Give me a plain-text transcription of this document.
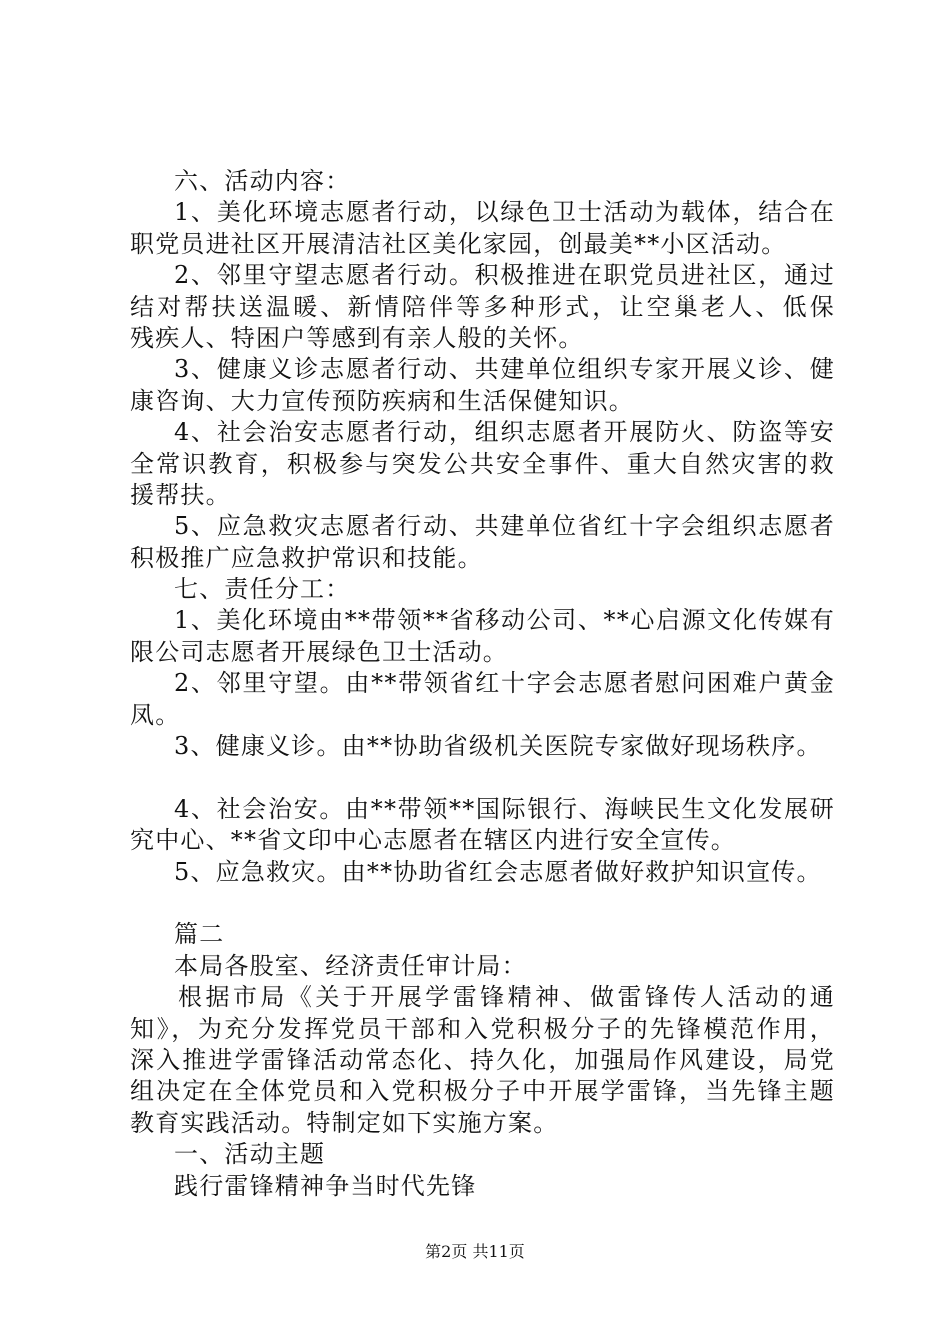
六、活动内容：
1、美化环境志愿者行动，以绿色卫士活动为载体，结合在
职党员进社区开展清洁社区美化家园，创最美**小区活动。
2、邻里守望志愿者行动。积极推进在职党员进社区，通过
结对帮扶送温暖、新情陪伴等多种形式，让空巢老人、低保
残疾人、特困户等感到有亲人般的关怀。
3、健康义诊志愿者行动、共建单位组织专家开展义诊、健
康咨询、大力宣传预防疾病和生活保健知识。
4、社会治安志愿者行动，组织志愿者开展防火、防盗等安
全常识教育，积极参与突发公共安全事件、重大自然灾害的救
援帮扶。
5、应急救灾志愿者行动、共建单位省红十字会组织志愿者
积极推广应急救护常识和技能。
七、责任分工：
1、美化环境由**带领**省移动公司、**心启源文化传媒有
限公司志愿者开展绿色卫士活动。
2、邻里守望。由**带领省红十字会志愿者慰问困难户黄金
凤。
3、健康义诊。由**协助省级机关医院专家做好现场秩序。
4、社会治安。由**带领**国际银行、海峡民生文化发展研
究中心、**省文印中心志愿者在辖区内进行安全宣传。
5、应急救灾。由**协助省红会志愿者做好救护知识宣传。
篇二
本局各股室、经济责任审计局：
根据市局《关于开展学雷锋精神、做雷锋传人活动的通
知》，为充分发挥党员干部和入党积极分子的先锋模范作用，
深入推进学雷锋活动常态化、持久化，加强局作风建设，局党
组决定在全体党员和入党积极分子中开展学雷锋，当先锋主题
教育实践活动。特制定如下实施方案。
一、活动主题
践行雷锋精神争当时代先锋
第2页 共11页
